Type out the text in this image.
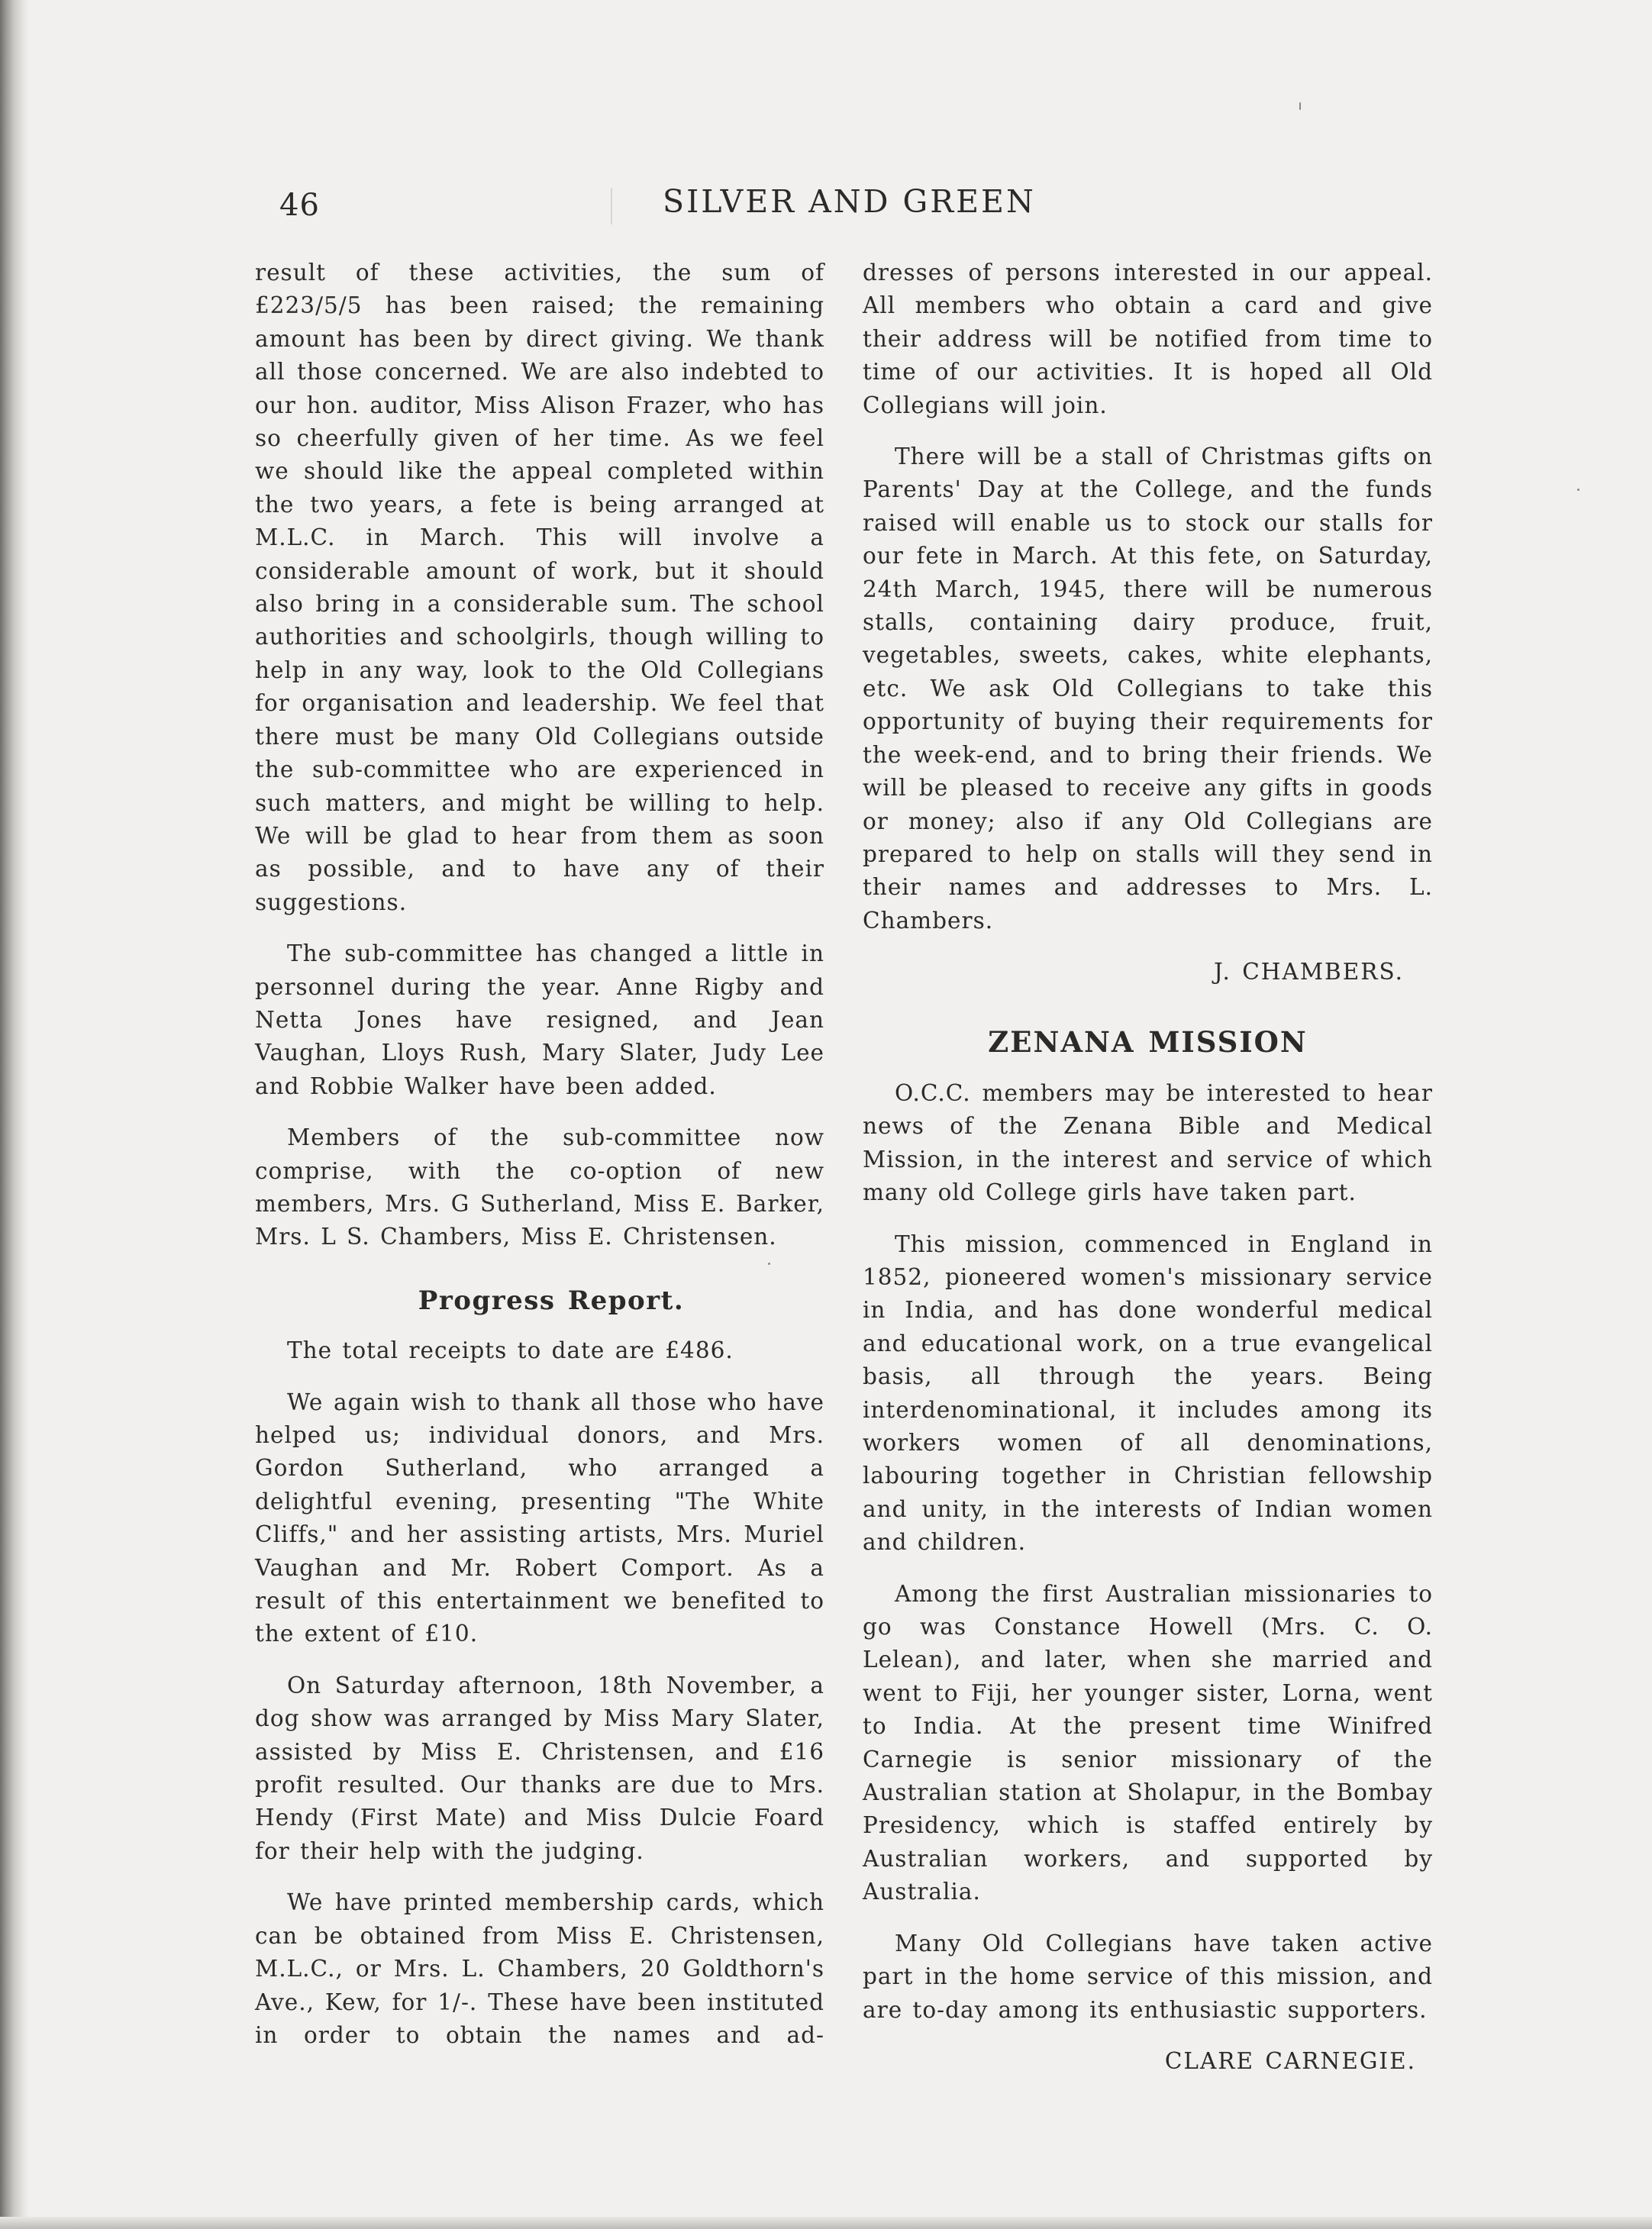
46	SILVER AND GREEN

result of these activities, the sum of £223/5/5 has been raised; the remaining amount has been by direct giving. We thank all those concerned. We are also indebted to our hon. auditor, Miss Alison Frazer, who has so cheerfully given of her time. As we feel we should like the appeal completed within the two years, a fete is being arranged at M.L.C. in March. This will involve a considerable amount of work, but it should also bring in a considerable sum. The school authorities and schoolgirls, though willing to help in any way, look to the Old Collegians for organisation and leadership. We feel that there must be many Old Collegians outside the sub-committee who are experienced in such matters, and might be willing to help. We will be glad to hear from them as soon as possible, and to have any of their suggestions.

The sub-committee has changed a little in personnel during the year. Anne Rigby and Netta Jones have resigned, and Jean Vaughan, Lloys Rush, Mary Slater, Judy Lee and Robbie Walker have been added.

Members of the sub-committee now comprise, with the co-option of new members, Mrs. G Sutherland, Miss E. Barker, Mrs. L S. Chambers, Miss E. Christensen.

Progress Report.

The total receipts to date are £486.

We again wish to thank all those who have helped us; individual donors, and Mrs. Gordon Sutherland, who arranged a delightful evening, presenting "The White Cliffs," and her assisting artists, Mrs. Muriel Vaughan and Mr. Robert Comport. As a result of this entertainment we benefited to the extent of £10.

On Saturday afternoon, 18th November, a dog show was arranged by Miss Mary Slater, assisted by Miss E. Christensen, and £16 profit resulted. Our thanks are due to Mrs. Hendy (First Mate) and Miss Dulcie Foard for their help with the judging.

We have printed membership cards, which can be obtained from Miss E. Christensen, M.L.C., or Mrs. L. Chambers, 20 Goldthorn's Ave., Kew, for 1/-. These have been instituted in order to obtain the names and ad-

dresses of persons interested in our appeal. All members who obtain a card and give their address will be notified from time to time of our activities. It is hoped all Old Collegians will join.

There will be a stall of Christmas gifts on Parents' Day at the College, and the funds raised will enable us to stock our stalls for our fete in March. At this fete, on Saturday, 24th March, 1945, there will be numerous stalls, containing dairy produce, fruit, vegetables, sweets, cakes, white elephants, etc. We ask Old Collegians to take this opportunity of buying their requirements for the week-end, and to bring their friends. We will be pleased to receive any gifts in goods or money; also if any Old Collegians are prepared to help on stalls will they send in their names and addresses to Mrs. L. Chambers.

J. CHAMBERS.

ZENANA MISSION

O.C.C. members may be interested to hear news of the Zenana Bible and Medical Mission, in the interest and service of which many old College girls have taken part.

This mission, commenced in England in 1852, pioneered women's missionary service in India, and has done wonderful medical and educational work, on a true evangelical basis, all through the years. Being interdenominational, it includes among its workers women of all denominations, labouring together in Christian fellowship and unity, in the interests of Indian women and children.

Among the first Australian missionaries to go was Constance Howell (Mrs. C. O. Lelean), and later, when she married and went to Fiji, her younger sister, Lorna, went to India. At the present time Winifred Carnegie is senior missionary of the Australian station at Sholapur, in the Bombay Presidency, which is staffed entirely by Australian workers, and supported by Australia.

Many Old Collegians have taken active part in the home service of this mission, and are to-day among its enthusiastic supporters.

CLARE CARNEGIE.
